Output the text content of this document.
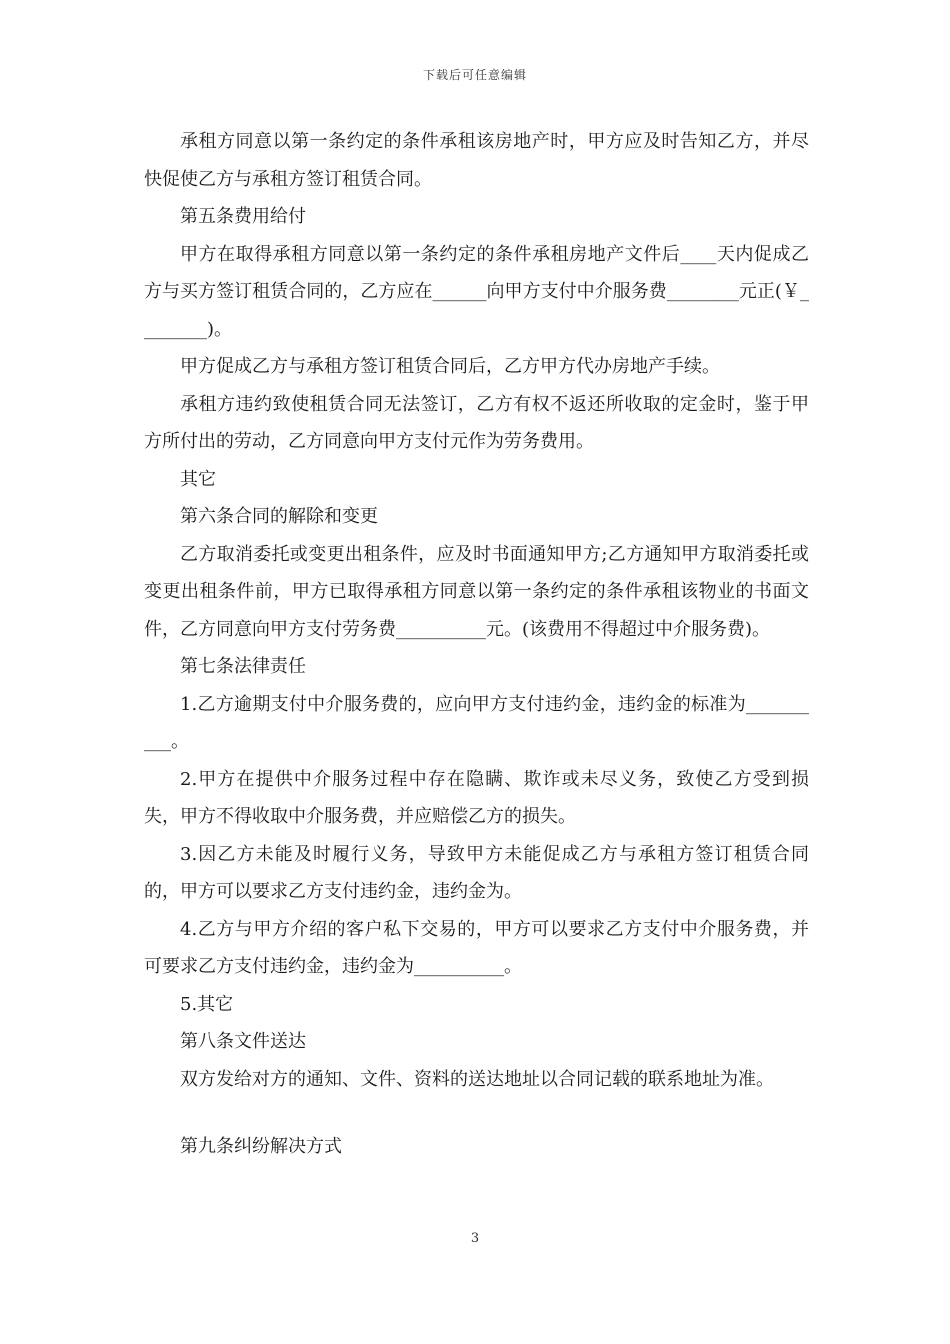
下载后可任意编辑

承租方同意以第一条约定的条件承租该房地产时，甲方应及时告知乙方，并尽快促使乙方与承租方签订租赁合同。

第五条费用给付

甲方在取得承租方同意以第一条约定的条件承租房地产文件后____天内促成乙方与买方签订租赁合同的，乙方应在______向甲方支付中介服务费________元正(￥________)。

甲方促成乙方与承租方签订租赁合同后，乙方甲方代办房地产手续。

承租方违约致使租赁合同无法签订，乙方有权不返还所收取的定金时，鉴于甲方所付出的劳动，乙方同意向甲方支付元作为劳务费用。

其它

第六条合同的解除和变更

乙方取消委托或变更出租条件，应及时书面通知甲方;乙方通知甲方取消委托或变更出租条件前，甲方已取得承租方同意以第一条约定的条件承租该物业的书面文件，乙方同意向甲方支付劳务费__________元。(该费用不得超过中介服务费)。

第七条法律责任

1.乙方逾期支付中介服务费的，应向甲方支付违约金，违约金的标准为__________。

2.甲方在提供中介服务过程中存在隐瞒、欺诈或未尽义务，致使乙方受到损失，甲方不得收取中介服务费，并应赔偿乙方的损失。

3.因乙方未能及时履行义务，导致甲方未能促成乙方与承租方签订租赁合同的，甲方可以要求乙方支付违约金，违约金为。

4.乙方与甲方介绍的客户私下交易的，甲方可以要求乙方支付中介服务费，并可要求乙方支付违约金，违约金为__________。

5.其它

第八条文件送达

双方发给对方的通知、文件、资料的送达地址以合同记载的联系地址为准。

第九条纠纷解决方式

3
